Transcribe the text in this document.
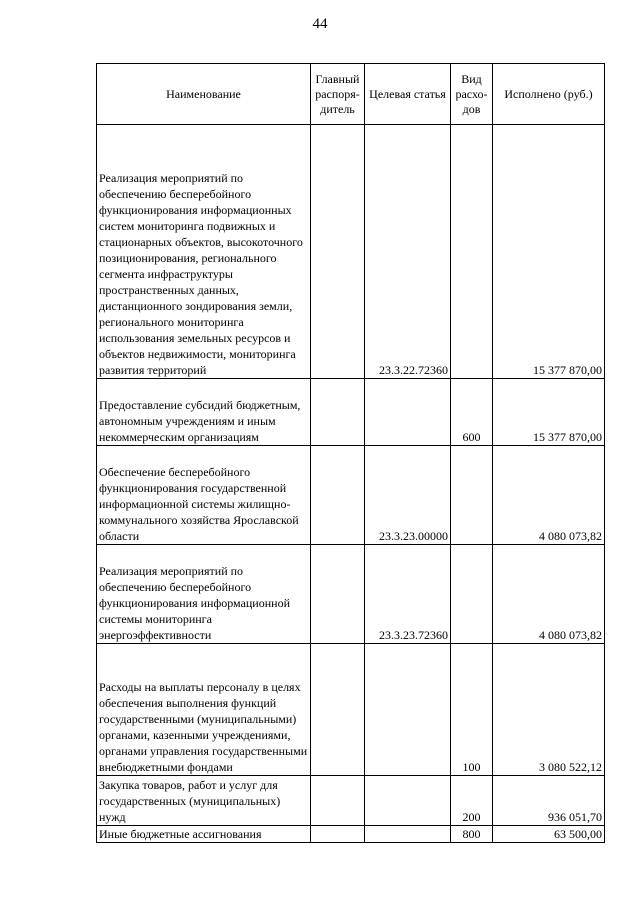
44
Наименование	Главный распоря- дитель	Целевая статья	Вид расхо- дов	Исполнено (руб.)
Реализация мероприятий по обеспечению бесперебойного функционирования информационных систем мониторинга подвижных и стационарных объектов, высокоточного позиционирования, регионального сегмента инфраструктуры пространственных данных, дистанционного зондирования земли, регионального мониторинга использования земельных ресурсов и объектов недвижимости, мониторинга развития территорий		23.3.22.72360		15 377 870,00
Предоставление субсидий бюджетным, автономным учреждениям и иным некоммерческим организациям			600	15 377 870,00
Обеспечение бесперебойного функционирования государственной информационной системы жилищно-коммунального хозяйства Ярославской области		23.3.23.00000		4 080 073,82
Реализация мероприятий по обеспечению бесперебойного функционирования информационной системы мониторинга энергоэффективности		23.3.23.72360		4 080 073,82
Расходы на выплаты персоналу в целях обеспечения выполнения функций государственными (муниципальными) органами, казенными учреждениями, органами управления государственными внебюджетными фондами			100	3 080 522,12
Закупка товаров, работ и услуг для государственных (муниципальных) нужд			200	936 051,70
Иные бюджетные ассигнования			800	63 500,00
